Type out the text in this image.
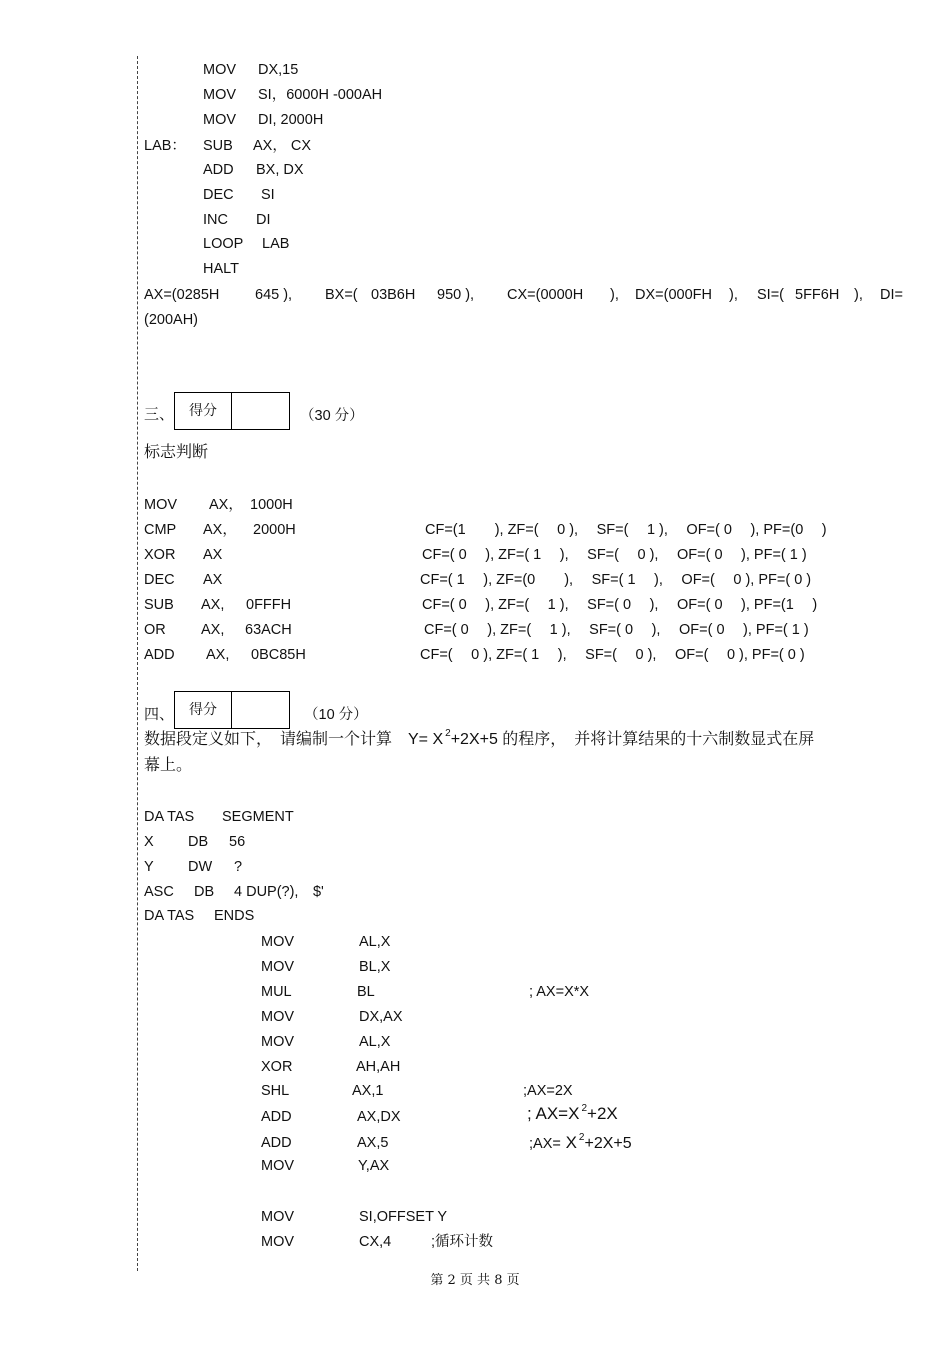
MOV DX,15
MOV SI，6000H -000AH
MOV DI, 2000H
LAB： SUB AX， CX
ADD BX, DX
DEC SI
INC DI
LOOP LAB
HALT
AX=(0285H 645 ), BX=( 03B6H 950 ), CX=(0000H ), DX=(000FH ), SI=( 5FF6H ), DI=
(200AH)
三、	得分	（30 分）
标志判断
MOV AX， 1000H
CMP AX， 2000H	CF=(1　　), ZF=(　 0 ),　 SF=(　 1 ),　 OF=( 0　 ), PF=(0　 )
XOR AX	CF=( 0　 ), ZF=( 1　 ),　 SF=(　 0 ),　 OF=( 0　 ), PF=( 1 )
DEC AX	CF=( 1　 ), ZF=(0　　),　 SF=( 1　 ),　 OF=(　 0 ), PF=( 0 )
SUB AX, 0FFFH	CF=( 0　 ), ZF=(　 1 ),　 SF=( 0　 ),　 OF=( 0　 ), PF=(1　 )
OR AX, 63ACH	CF=( 0　 ), ZF=(　 1 ),　 SF=( 0　 ),　 OF=( 0　 ), PF=( 1 )
ADD AX, 0BC85H	CF=(　 0 ), ZF=( 1　 ),　 SF=(　 0 ),　 OF=(　 0 ), PF=( 0 )
四、	得分	（10 分）
数据段定义如下，　请编制一个计算　Y= X $^2$+2X+5 的程序，　并将计算结果的十六制数显式在屏
幕上。
DA TAS SEGMENT
X DB 56
Y DW ?
ASC DB 4 DUP(?),　$'
DA TAS ENDS
MOV	AL,X
MOV	BL,X
MUL	BL	; AX=X*X
MOV	DX,AX
MOV	AL,X
XOR	AH,AH
SHL	AX,1	;AX=2X
ADD	AX,DX	; AX=X $^2$+2X
ADD	AX,5	;AX= X $^2$+2X+5
MOV	Y,AX
MOV	SI,OFFSET Y
MOV	CX,4	;循环计数
第 2 页 共 8 页
